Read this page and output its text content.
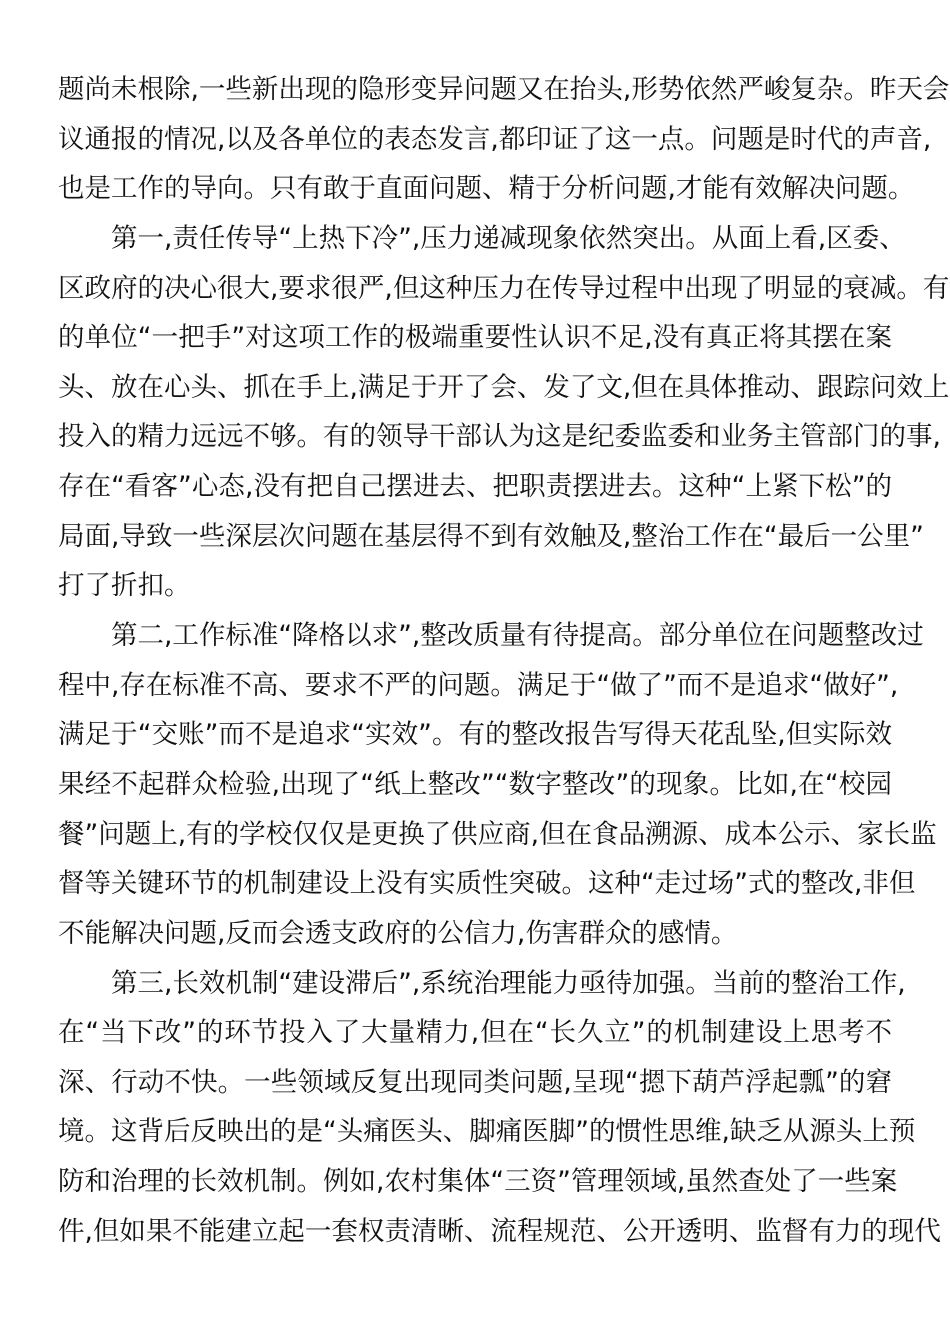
题尚未根除,一些新出现的隐形变异问题又在抬头,形势依然严峻复杂。昨天会
议通报的情况,以及各单位的表态发言,都印证了这一点。问题是时代的声音,
也是工作的导向。只有敢于直面问题、精于分析问题,才能有效解决问题。
第一,责任传导“上热下冷”,压力递减现象依然突出。从面上看,区委、
区政府的决心很大,要求很严,但这种压力在传导过程中出现了明显的衰减。有
的单位“一把手”对这项工作的极端重要性认识不足,没有真正将其摆在案
头、放在心头、抓在手上,满足于开了会、发了文,但在具体推动、跟踪问效上
投入的精力远远不够。有的领导干部认为这是纪委监委和业务主管部门的事,
存在“看客”心态,没有把自己摆进去、把职责摆进去。这种“上紧下松”的
局面,导致一些深层次问题在基层得不到有效触及,整治工作在“最后一公里”
打了折扣。
第二,工作标准“降格以求”,整改质量有待提高。部分单位在问题整改过
程中,存在标准不高、要求不严的问题。满足于“做了”而不是追求“做好”,
满足于“交账”而不是追求“实效”。有的整改报告写得天花乱坠,但实际效
果经不起群众检验,出现了“纸上整改”“数字整改”的现象。比如,在“校园
餐”问题上,有的学校仅仅是更换了供应商,但在食品溯源、成本公示、家长监
督等关键环节的机制建设上没有实质性突破。这种“走过场”式的整改,非但
不能解决问题,反而会透支政府的公信力,伤害群众的感情。
第三,长效机制“建设滞后”,系统治理能力亟待加强。当前的整治工作,
在“当下改”的环节投入了大量精力,但在“长久立”的机制建设上思考不
深、行动不快。一些领域反复出现同类问题,呈现“摁下葫芦浮起瓢”的窘
境。这背后反映出的是“头痛医头、脚痛医脚”的惯性思维,缺乏从源头上预
防和治理的长效机制。例如,农村集体“三资”管理领域,虽然查处了一些案
件,但如果不能建立起一套权责清晰、流程规范、公开透明、监督有力的现代
